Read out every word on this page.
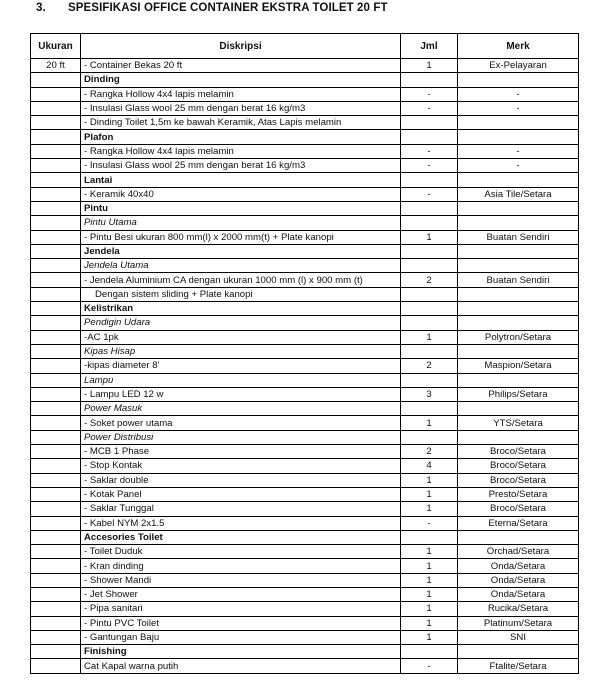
3. SPESIFIKASI OFFICE CONTAINER EKSTRA TOILET 20 FT
Ukuran	Diskripsi	Jml	Merk
20 ft	- Container Bekas 20 ft	1	Ex-Pelayaran
	Dinding		
	- Rangka Hollow 4x4 lapis melamin	-	-
	- Insulasi Glass wool 25 mm dengan berat 16 kg/m3	-	-
	- Dinding Toilet 1,5m ke bawah Keramik, Atas Lapis melamin		
	Plafon		
	- Rangka Hollow 4x4 lapis melamin	-	-
	- Insulasi Glass wool 25 mm dengan berat 16 kg/m3	-	-
	Lantai		
	- Keramik 40x40	-	Asia Tile/Setara
	Pintu		
	Pintu Utama		
	- Pintu Besi ukuran 800 mm(l) x 2000 mm(t) + Plate kanopi	1	Buatan Sendiri
	Jendela		
	Jendela Utama		
	- Jendela Aluminium CA dengan ukuran 1000 mm (l) x 900 mm (t)	2	Buatan Sendiri
	Dengan sistem sliding + Plate kanopi		
	Kelistrikan		
	Pendigin Udara		
	-AC 1pk	1	Polytron/Setara
	Kipas Hisap		
	-kipas diameter 8'	2	Maspion/Setara
	Lampu		
	- Lampu LED 12 w	3	Philips/Setara
	Power Masuk		
	- Soket power utama	1	YTS/Setara
	Power Distribusi		
	- MCB 1 Phase	2	Broco/Setara
	- Stop Kontak	4	Broco/Setara
	- Saklar double	1	Broco/Setara
	- Kotak Panel	1	Presto/Setara
	- Saklar Tunggal	1	Broco/Setara
	- Kabel NYM 2x1.5	-	Eterna/Setara
	Accesories Toilet		
	- Toilet Duduk	1	Orchad/Setara
	- Kran dinding	1	Onda/Setara
	- Shower Mandi	1	Onda/Setara
	- Jet Shower	1	Onda/Setara
	- Pipa sanitari	1	Rucika/Setara
	- Pintu PVC Toilet	1	Platinum/Setara
	- Gantungan Baju	1	SNI
	Finishing		
	Cat Kapal warna putih	-	Ftalite/Setara
